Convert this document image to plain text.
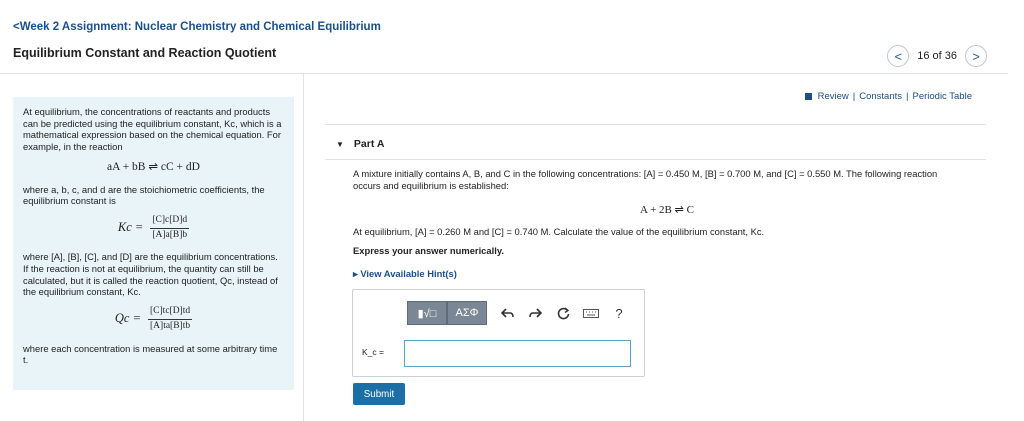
<Week 2 Assignment: Nuclear Chemistry and Chemical Equilibrium
Equilibrium Constant and Reaction Quotient	< 16 of 36 >
At equilibrium, the concentrations of reactants and products can be predicted using the equilibrium constant, Kc, which is a mathematical expression based on the chemical equation. For example, in the reaction
aA + bB ⇌ cC + dD
where a, b, c, and d are the stoichiometric coefficients, the equilibrium constant is
$Kc = \frac{[C]c[D]d}{[A]a[B]b}$
where [A], [B], [C], and [D] are the equilibrium concentrations. If the reaction is not at equilibrium, the quantity can still be calculated, but it is called the reaction quotient, Qc, instead of the equilibrium constant, Kc.
$Qc = \frac{[C]tc[D]td}{[A]ta[B]tb}$
where each concentration is measured at some arbitrary time t.
Review | Constants | Periodic Table
▼ Part A
A mixture initially contains A, B, and C in the following concentrations: [A] = 0.450 M, [B] = 0.700 M, and [C] = 0.550 M. The following reaction occurs and equilibrium is established:
A + 2B ⇌ C
At equilibrium, [A] = 0.260 M and [C] = 0.740 M. Calculate the value of the equilibrium constant, Kc.
Express your answer numerically.
▸ View Available Hint(s)
▮√□ ΑΣΦ	?
K_c =
Submit
